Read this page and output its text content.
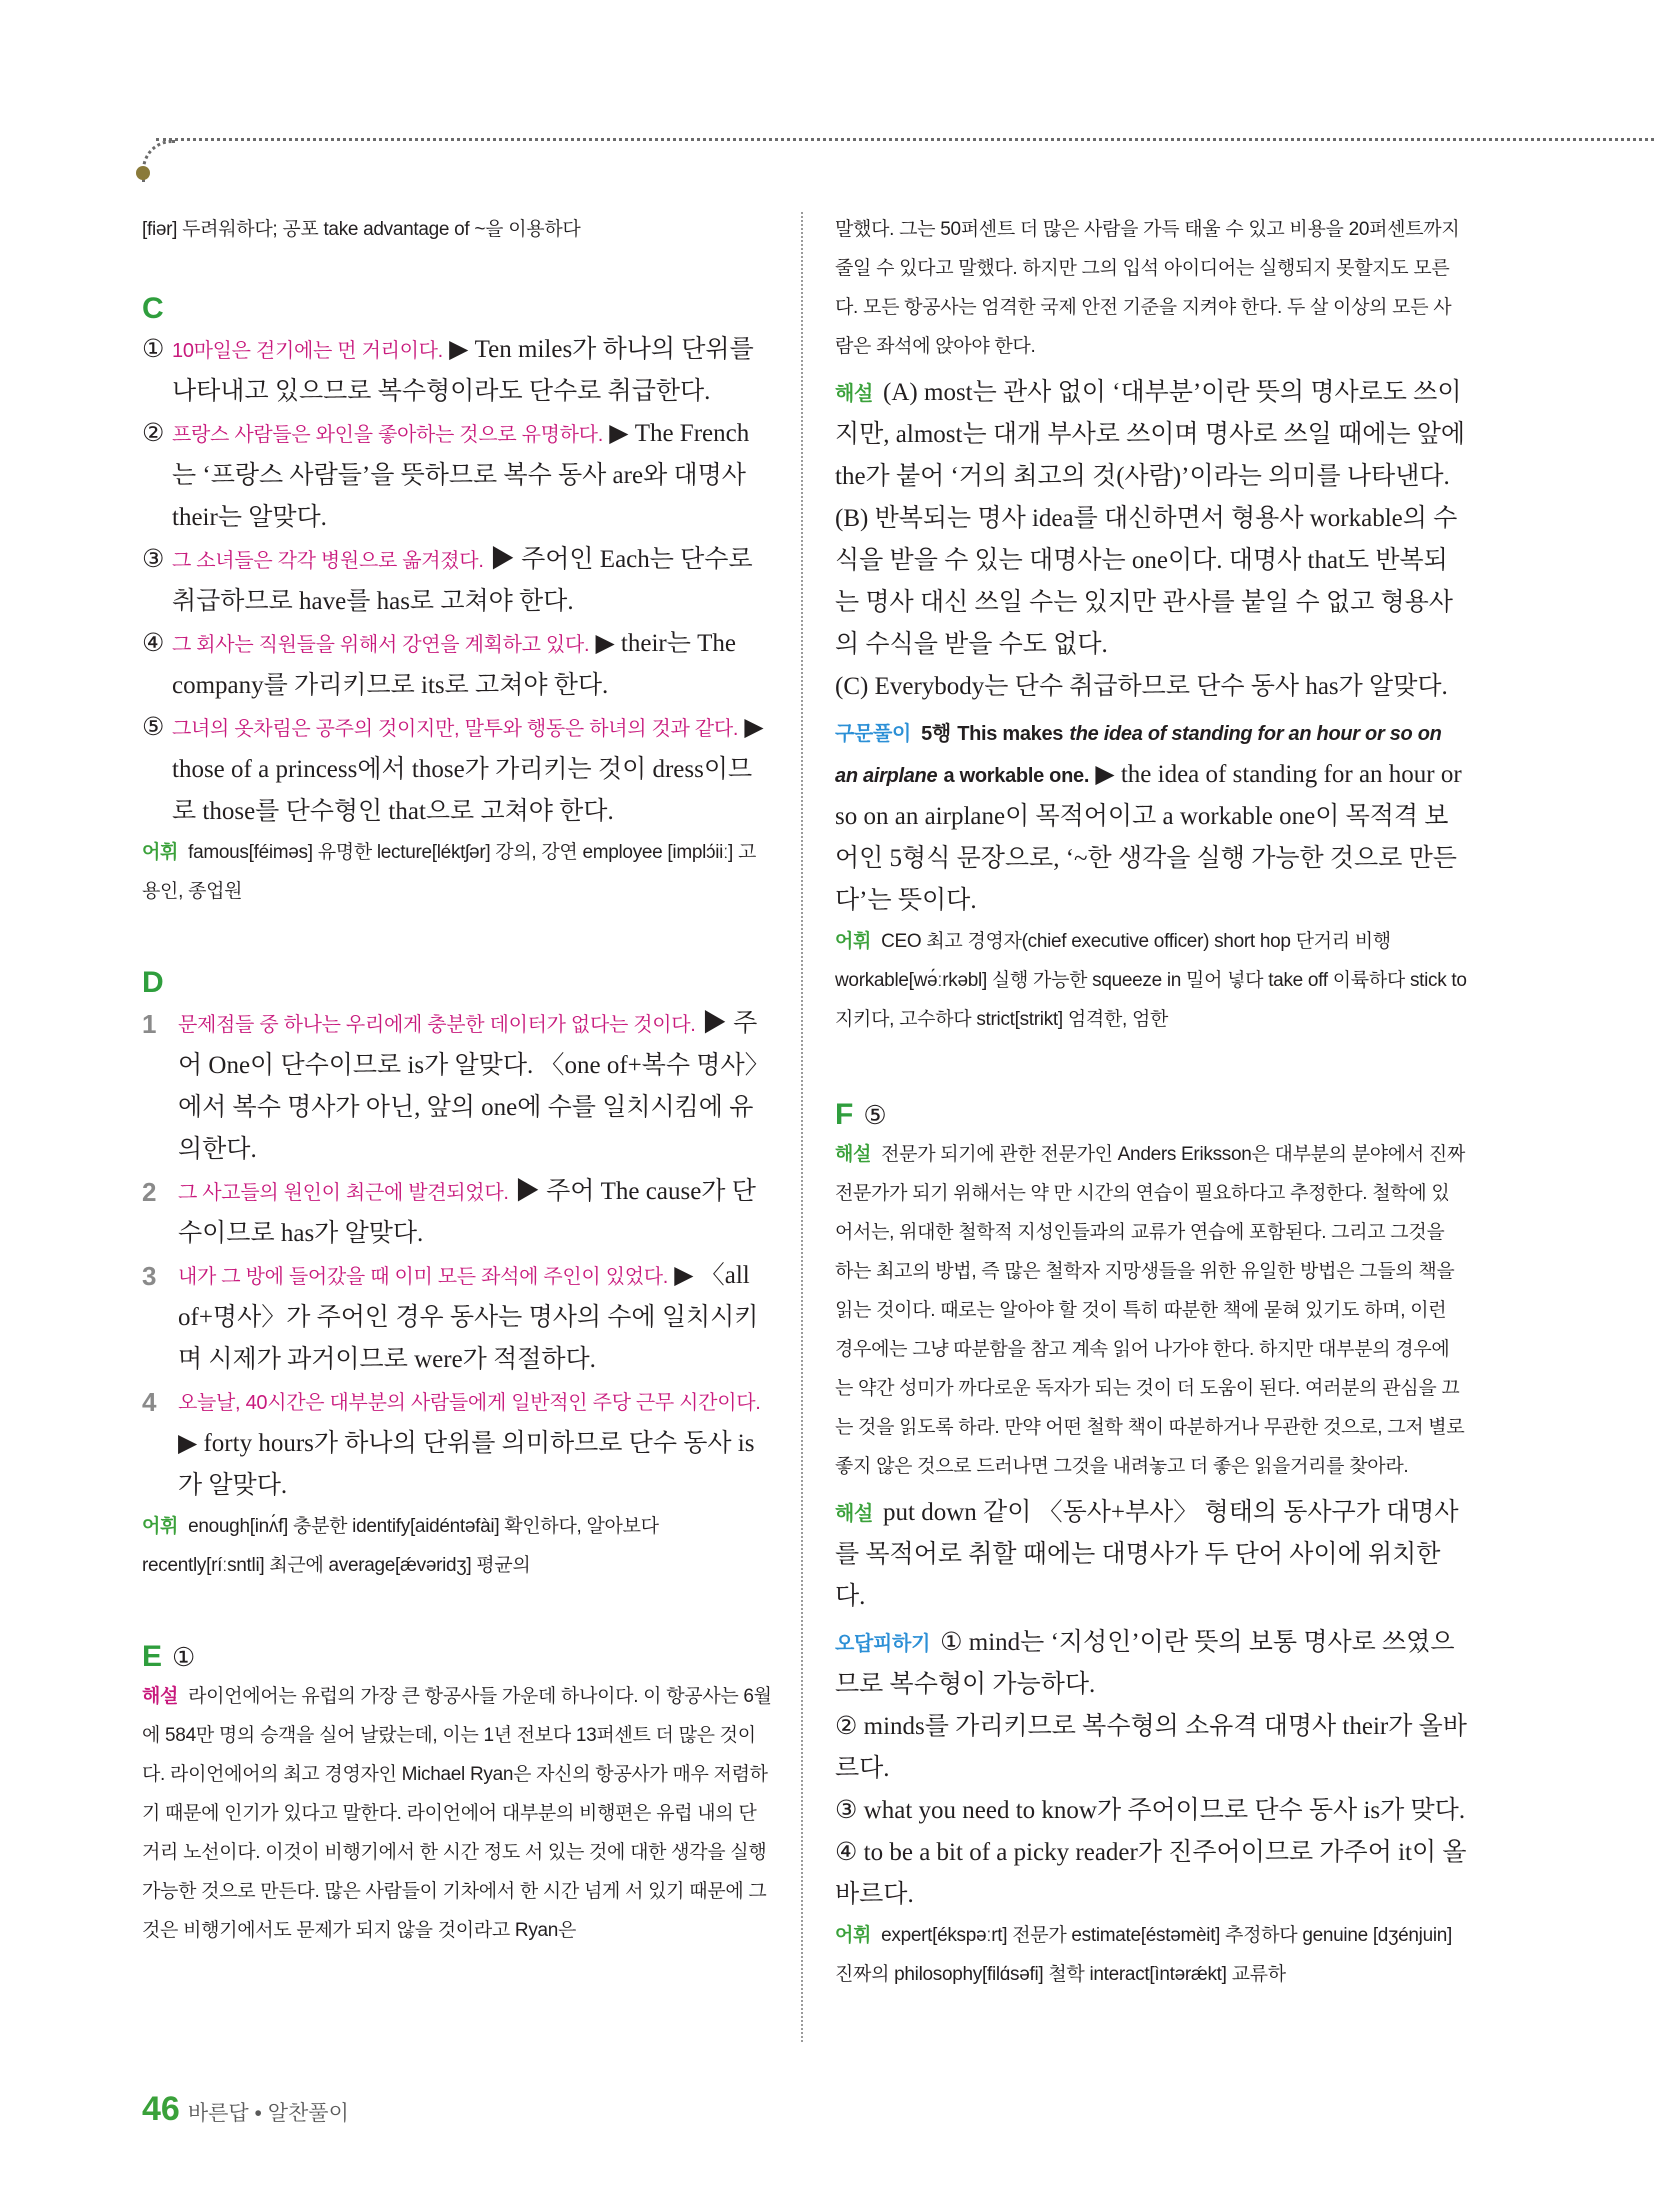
[fiər] 두려워하다; 공포 take advantage of ~을 이용하다

C
① 10마일은 걷기에는 먼 거리이다. ▶ Ten miles가 하나의 단위를 나타내고 있으므로 복수형이라도 단수로 취급한다.
② 프랑스 사람들은 와인을 좋아하는 것으로 유명하다. ▶ The French는 ‘프랑스 사람들’을 뜻하므로 복수 동사 are와 대명사 their는 알맞다.
③ 그 소녀들은 각각 병원으로 옮겨졌다. ▶ 주어인 Each는 단수로 취급하므로 have를 has로 고쳐야 한다.
④ 그 회사는 직원들을 위해서 강연을 계획하고 있다. ▶ their는 The company를 가리키므로 its로 고쳐야 한다.
⑤ 그녀의 옷차림은 공주의 것이지만, 말투와 행동은 하녀의 것과 같다. ▶ those of a princess에서 those가 가리키는 것이 dress이므로 those를 단수형인 that으로 고쳐야 한다.

어휘 famous[féiməs] 유명한 lecture[léktʃər] 강의, 강연 employee [implɔ́iiː] 고용인, 종업원

D
1	문제점들 중 하나는 우리에게 충분한 데이터가 없다는 것이다. ▶ 주어 One이 단수이므로 is가 알맞다. 〈one of+복수 명사〉에서 복수 명사가 아닌, 앞의 one에 수를 일치시킴에 유의한다.
2	그 사고들의 원인이 최근에 발견되었다. ▶ 주어 The cause가 단수이므로 has가 알맞다.
3	내가 그 방에 들어갔을 때 이미 모든 좌석에 주인이 있었다. ▶ 〈all of+명사〉가 주어인 경우 동사는 명사의 수에 일치시키며 시제가 과거이므로 were가 적절하다.
4	오늘날, 40시간은 대부분의 사람들에게 일반적인 주당 근무 시간이다. ▶ forty hours가 하나의 단위를 의미하므로 단수 동사 is가 알맞다.

어휘 enough[inʌ́f] 충분한 identify[aidéntəfài] 확인하다, 알아보다 recently[ríːsntli] 최근에 average[ǽvəridʒ] 평균의

E ①

해설 라이언에어는 유럽의 가장 큰 항공사들 가운데 하나이다. 이 항공사는 6월에 584만 명의 승객을 실어 날랐는데, 이는 1년 전보다 13퍼센트 더 많은 것이다. 라이언에어의 최고 경영자인 Michael Ryan은 자신의 항공사가 매우 저렴하기 때문에 인기가 있다고 말한다. 라이언에어 대부분의 비행편은 유럽 내의 단거리 노선이다. 이것이 비행기에서 한 시간 정도 서 있는 것에 대한 생각을 실행 가능한 것으로 만든다. 많은 사람들이 기차에서 한 시간 넘게 서 있기 때문에 그것은 비행기에서도 문제가 되지 않을 것이라고 Ryan은

말했다. 그는 50퍼센트 더 많은 사람을 가득 태울 수 있고 비용을 20퍼센트까지 줄일 수 있다고 말했다. 하지만 그의 입석 아이디어는 실행되지 못할지도 모른다. 모든 항공사는 엄격한 국제 안전 기준을 지켜야 한다. 두 살 이상의 모든 사람은 좌석에 앉아야 한다.

해설 (A) most는 관사 없이 ‘대부분’이란 뜻의 명사로도 쓰이지만, almost는 대개 부사로 쓰이며 명사로 쓰일 때에는 앞에 the가 붙어 ‘거의 최고의 것(사람)’이라는 의미를 나타낸다.

(B) 반복되는 명사 idea를 대신하면서 형용사 workable의 수식을 받을 수 있는 대명사는 one이다. 대명사 that도 반복되는 명사 대신 쓰일 수는 있지만 관사를 붙일 수 없고 형용사의 수식을 받을 수도 없다.

(C) Everybody는 단수 취급하므로 단수 동사 has가 알맞다.

구문풀이 5행 This makes the idea of standing for an hour or so on an airplane a workable one. ▶ the idea of standing for an hour or so on an airplane이 목적어이고 a workable one이 목적격 보어인 5형식 문장으로, ‘~한 생각을 실행 가능한 것으로 만든다’는 뜻이다.

어휘 CEO 최고 경영자(chief executive officer) short hop 단거리 비행 workable[wə́ːrkəbl] 실행 가능한 squeeze in 밀어 넣다 take off 이륙하다 stick to 지키다, 고수하다 strict[strikt] 엄격한, 엄한

F ⑤

해설 전문가 되기에 관한 전문가인 Anders Eriksson은 대부분의 분야에서 진짜 전문가가 되기 위해서는 약 만 시간의 연습이 필요하다고 추정한다. 철학에 있어서는, 위대한 철학적 지성인들과의 교류가 연습에 포함된다. 그리고 그것을 하는 최고의 방법, 즉 많은 철학자 지망생들을 위한 유일한 방법은 그들의 책을 읽는 것이다. 때로는 알아야 할 것이 특히 따분한 책에 묻혀 있기도 하며, 이런 경우에는 그냥 따분함을 참고 계속 읽어 나가야 한다. 하지만 대부분의 경우에는 약간 성미가 까다로운 독자가 되는 것이 더 도움이 된다. 여러분의 관심을 끄는 것을 읽도록 하라. 만약 어떤 철학 책이 따분하거나 무관한 것으로, 그저 별로 좋지 않은 것으로 드러나면 그것을 내려놓고 더 좋은 읽을거리를 찾아라.

해설 put down 같이 〈동사+부사〉 형태의 동사구가 대명사를 목적어로 취할 때에는 대명사가 두 단어 사이에 위치한다.

오답피하기 ① mind는 ‘지성인’이란 뜻의 보통 명사로 쓰였으므로 복수형이 가능하다.

② minds를 가리키므로 복수형의 소유격 대명사 their가 올바르다.

③ what you need to know가 주어이므로 단수 동사 is가 맞다.

④ to be a bit of a picky reader가 진주어이므로 가주어 it이 올바르다.

어휘 expert[ékspəːrt] 전문가 estimate[éstəmèit] 추정하다 genuine [dʒénjuin] 진짜의 philosophy[filɑ́səfi] 철학 interact[ìntərǽkt] 교류하

46 바른답 • 알찬풀이
